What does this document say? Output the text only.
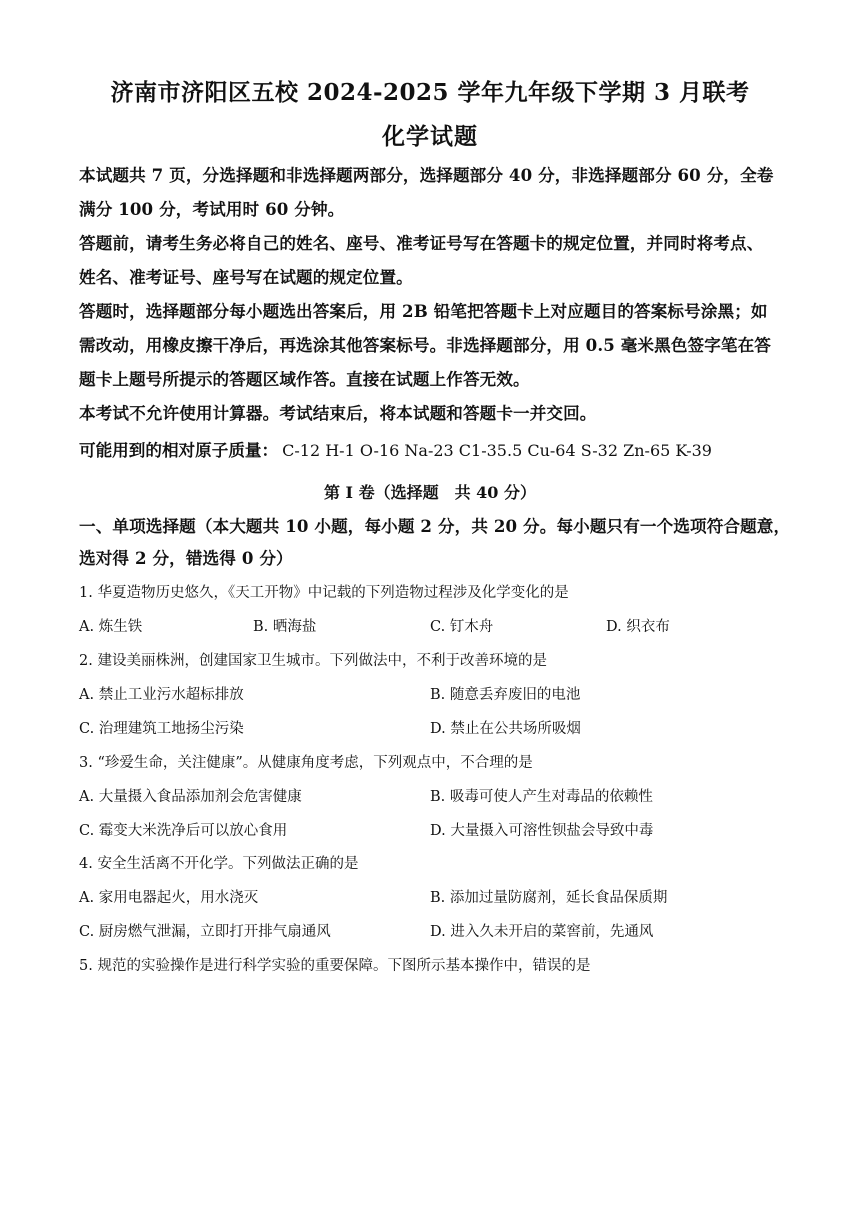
济南市济阳区五校 2024-2025 学年九年级下学期 3 月联考
化学试题
本试题共 7 页，分选择题和非选择题两部分，选择题部分 40 分，非选择题部分 60 分，全卷
满分 100 分，考试用时 60 分钟。
答题前，请考生务必将自己的姓名、座号、准考证号写在答题卡的规定位置，并同时将考点、
姓名、准考证号、座号写在试题的规定位置。
答题时，选择题部分每小题选出答案后，用 2B 铅笔把答题卡上对应题目的答案标号涂黑；如
需改动，用橡皮擦干净后，再选涂其他答案标号。非选择题部分，用 0.5 毫米黑色签字笔在答
题卡上题号所提示的答题区域作答。直接在试题上作答无效。
本考试不允许使用计算器。考试结束后，将本试题和答题卡一并交回。
可能用到的相对原子质量： C-12 H-1 O-16 Na-23 C1-35.5 Cu-64 S-32 Zn-65 K-39
第 I 卷（选择题　共 40 分）
一、单项选择题（本大题共 10 小题，每小题 2 分，共 20 分。每小题只有一个选项符合题意，
选对得 2 分，错选得 0 分）
1. 华夏造物历史悠久，《天工开物》中记载的下列造物过程涉及化学变化的是
A. 炼生铁	B. 晒海盐	C. 钉木舟	D. 织衣布
2. 建设美丽株洲，创建国家卫生城市。下列做法中，不利于改善环境的是
A. 禁止工业污水超标排放	B. 随意丢弃废旧的电池
C. 治理建筑工地扬尘污染	D. 禁止在公共场所吸烟
3. “珍爱生命，关注健康”。从健康角度考虑，下列观点中，不合理的是
A. 大量摄入食品添加剂会危害健康	B. 吸毒可使人产生对毒品的依赖性
C. 霉变大米洗净后可以放心食用	D. 大量摄入可溶性钡盐会导致中毒
4. 安全生活离不开化学。下列做法正确的是
A. 家用电器起火，用水浇灭	B. 添加过量防腐剂，延长食品保质期
C. 厨房燃气泄漏，立即打开排气扇通风	D. 进入久未开启的菜窖前，先通风
5. 规范的实验操作是进行科学实验的重要保障。下图所示基本操作中，错误的是
